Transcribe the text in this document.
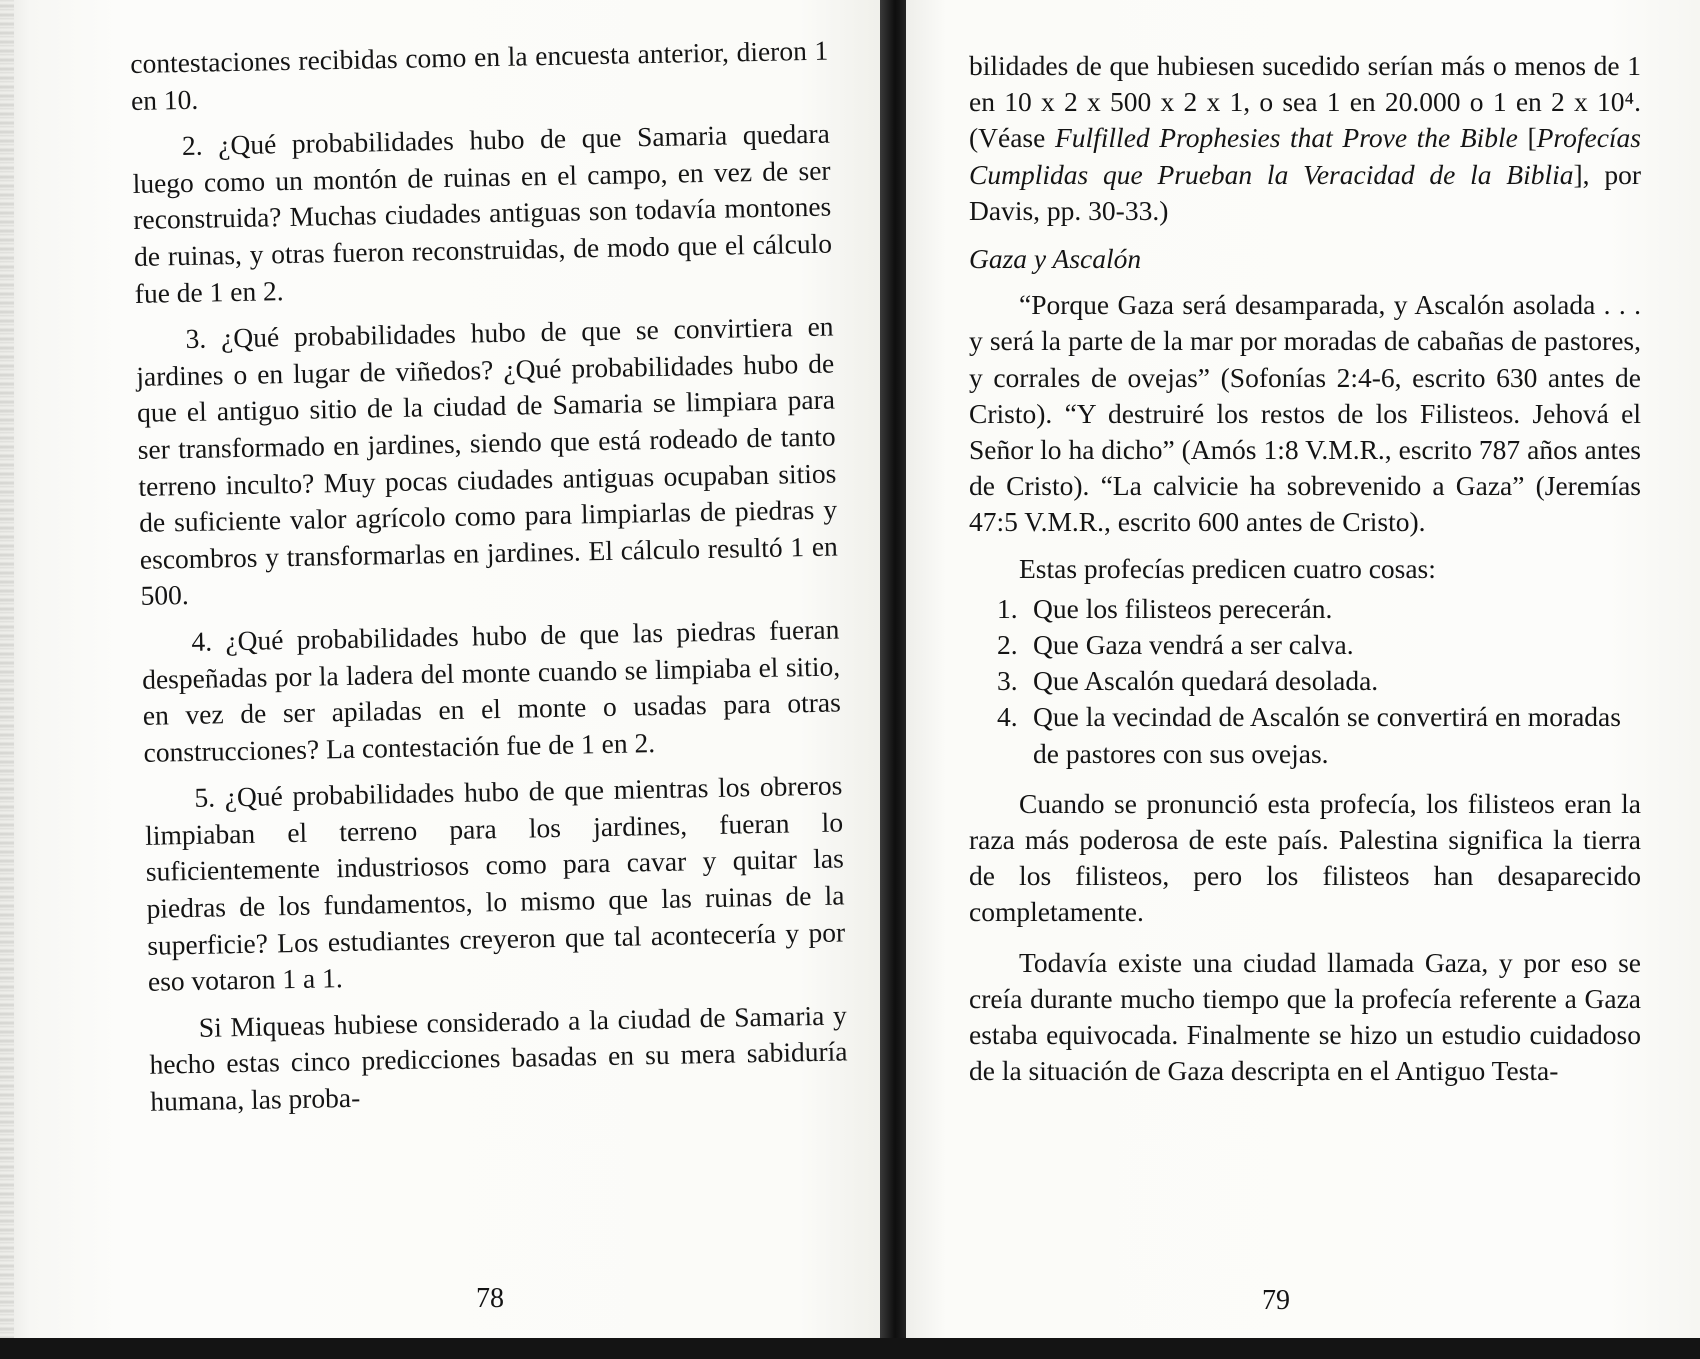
contestaciones recibidas como en la encuesta anterior, dieron 1 en 10.

2. ¿Qué probabilidades hubo de que Samaria quedara luego como un montón de ruinas en el campo, en vez de ser reconstruida? Muchas ciudades antiguas son todavía montones de ruinas, y otras fueron reconstruidas, de modo que el cálculo fue de 1 en 2.

3. ¿Qué probabilidades hubo de que se convirtiera en jardines o en lugar de viñedos? ¿Qué probabilidades hubo de que el antiguo sitio de la ciudad de Samaria se limpiara para ser transformado en jardines, siendo que está rodeado de tanto terreno inculto? Muy pocas ciudades antiguas ocupaban sitios de suficiente valor agrícolo como para limpiarlas de piedras y escombros y transformarlas en jardines. El cálculo resultó 1 en 500.

4. ¿Qué probabilidades hubo de que las piedras fueran despeñadas por la ladera del monte cuando se limpiaba el sitio, en vez de ser apiladas en el monte o usadas para otras construcciones? La contestación fue de 1 en 2.

5. ¿Qué probabilidades hubo de que mientras los obreros limpiaban el terreno para los jardines, fueran lo suficientemente industriosos como para cavar y quitar las piedras de los fundamentos, lo mismo que las ruinas de la superficie? Los estudiantes creyeron que tal acontecería y por eso votaron 1 a 1.

Si Miqueas hubiese considerado a la ciudad de Samaria y hecho estas cinco predicciones basadas en su mera sabiduría humana, las proba-

78

bilidades de que hubiesen sucedido serían más o menos de 1 en 10 x 2 x 500 x 2 x 1, o sea 1 en 20.000 o 1 en 2 x 10⁴. (Véase Fulfilled Prophesies that Prove the Bible [Profecías Cumplidas que Prueban la Veracidad de la Biblia], por Davis, pp. 30-33.)

Gaza y Ascalón

“Porque Gaza será desamparada, y Ascalón asolada . . . y será la parte de la mar por moradas de cabañas de pastores, y corrales de ovejas” (Sofonías 2:4-6, escrito 630 antes de Cristo). “Y destruiré los restos de los Filisteos. Jehová el Señor lo ha dicho” (Amós 1:8 V.M.R., escrito 787 años antes de Cristo). “La calvicie ha sobrevenido a Gaza” (Jeremías 47:5 V.M.R., escrito 600 antes de Cristo).

Estas profecías predicen cuatro cosas:

1. Que los filisteos perecerán.
2. Que Gaza vendrá a ser calva.
3. Que Ascalón quedará desolada.
4. Que la vecindad de Ascalón se convertirá en moradas de pastores con sus ovejas.

Cuando se pronunció esta profecía, los filisteos eran la raza más poderosa de este país. Palestina significa la tierra de los filisteos, pero los filisteos han desaparecido completamente.

Todavía existe una ciudad llamada Gaza, y por eso se creía durante mucho tiempo que la profecía referente a Gaza estaba equivocada. Finalmente se hizo un estudio cuidadoso de la situación de Gaza descripta en el Antiguo Testa-

79
